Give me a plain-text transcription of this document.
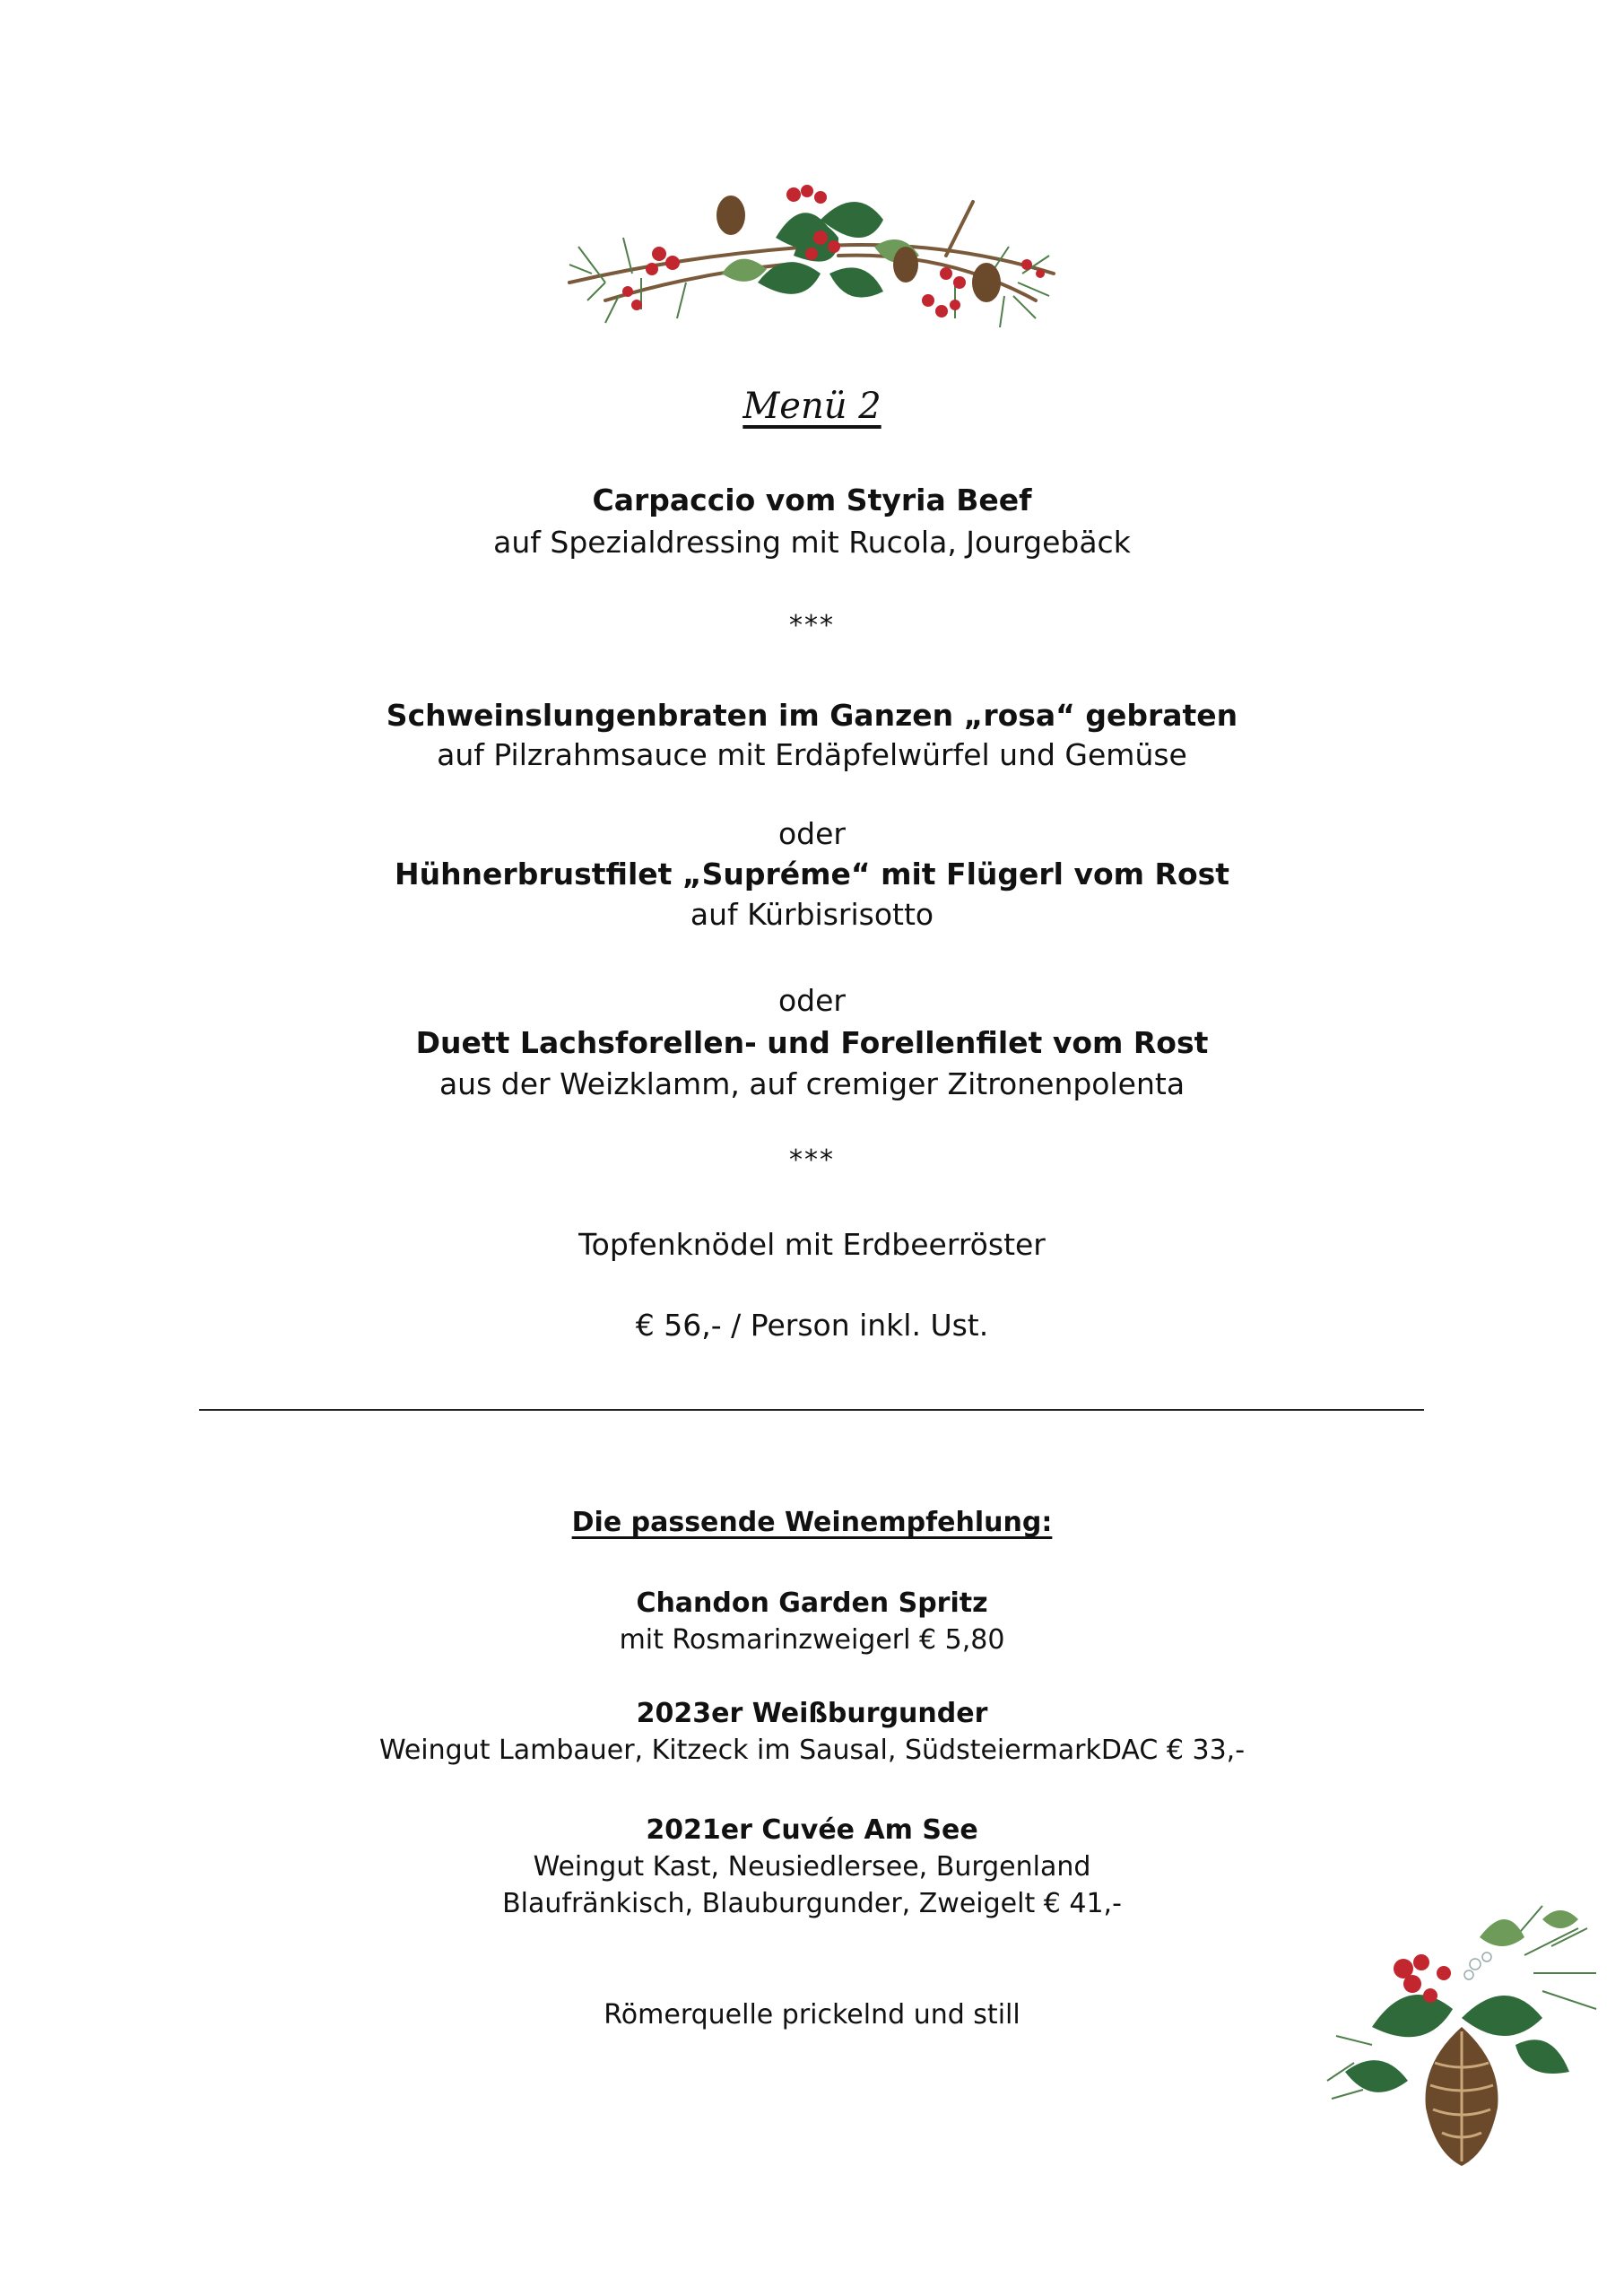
Menü 2
Carpaccio vom Styria Beef
auf Spezialdressing mit Rucola, Jourgebäck
***
Schweinslungenbraten im Ganzen „rosa“ gebraten
auf Pilzrahmsauce mit Erdäpfelwürfel und Gemüse
oder
Hühnerbrustfilet „Supréme“ mit Flügerl vom Rost
auf Kürbisrisotto
oder
Duett Lachsforellen- und Forellenfilet vom Rost
aus der Weizklamm, auf cremiger Zitronenpolenta
***
Topfenknödel mit Erdbeerröster
€ 56,- / Person inkl. Ust.
Die passende Weinempfehlung:
Chandon Garden Spritz
mit Rosmarinzweigerl € 5,80
2023er Weißburgunder
Weingut Lambauer, Kitzeck im Sausal, SüdsteiermarkDAC € 33,-
2021er Cuvée Am See
Weingut Kast, Neusiedlersee, Burgenland
Blaufränkisch, Blauburgunder, Zweigelt € 41,-
Römerquelle prickelnd und still
